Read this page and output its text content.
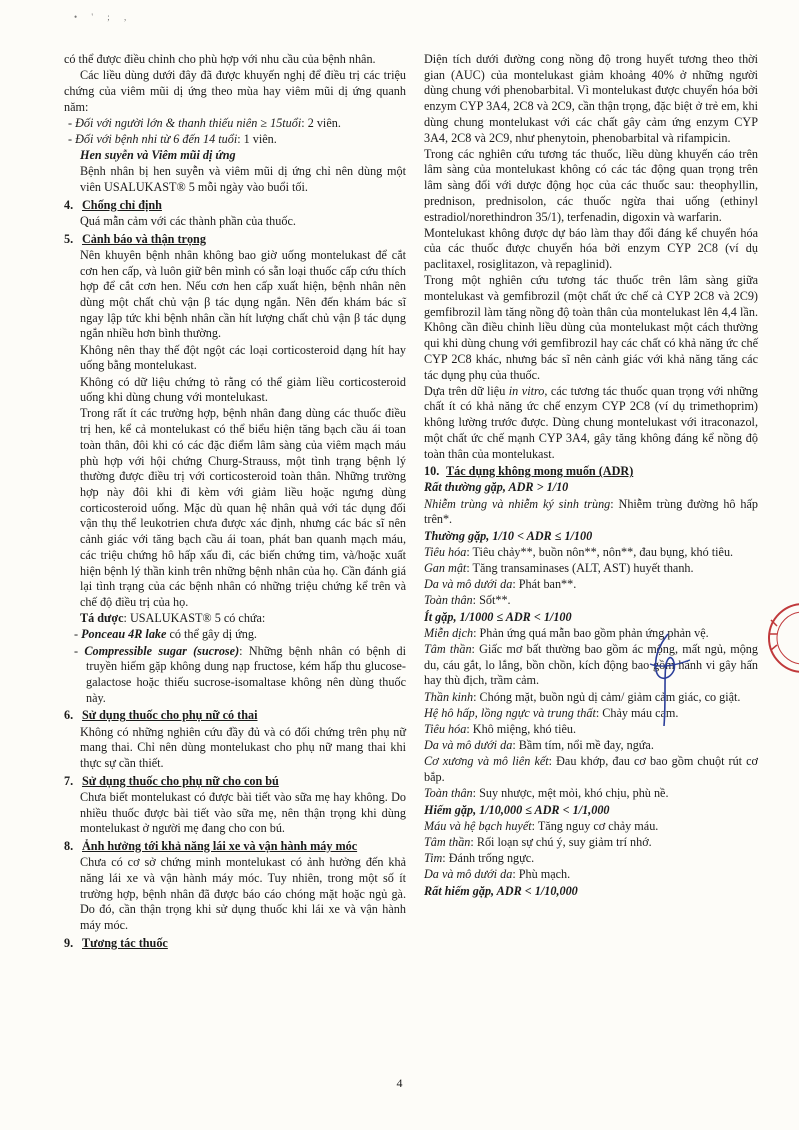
• ' ; ,

có thể được điều chỉnh cho phù hợp với nhu cầu của bệnh nhân.

Các liều dùng dưới đây đã được khuyến nghị để điều trị các triệu chứng của viêm mũi dị ứng theo mùa hay viêm mũi dị ứng quanh năm:

- Đối với người lớn & thanh thiếu niên ≥ 15tuổi: 2 viên.

- Đối với bệnh nhi từ 6 đến 14 tuổi: 1 viên.

Hen suyễn và Viêm mũi dị ứng

Bệnh nhân bị hen suyễn và viêm mũi dị ứng chỉ nên dùng một viên USALUKAST® 5 mỗi ngày vào buổi tối.

4. Chống chỉ định

Quá mẫn cảm với các thành phần của thuốc.

5. Cảnh báo và thận trọng

Nên khuyên bệnh nhân không bao giờ uống montelukast để cắt cơn hen cấp, và luôn giữ bên mình có sẵn loại thuốc cấp cứu thích hợp để cắt cơn hen. Nếu cơn hen cấp xuất hiện, bệnh nhân nên dùng một chất chủ vận β tác dụng ngắn. Nên đến khám bác sĩ ngay lập tức khi bệnh nhân cần hít lượng chất chủ vận β tác dụng ngắn nhiều hơn bình thường.

Không nên thay thế đột ngột các loại corticosteroid dạng hít hay uống bằng montelukast.

Không có dữ liệu chứng tỏ rằng có thể giảm liều corticosteroid uống khi dùng chung với montelukast.

Trong rất ít các trường hợp, bệnh nhân đang dùng các thuốc điều trị hen, kể cả montelukast có thể biểu hiện tăng bạch cầu ái toan toàn thân, đôi khi có các đặc điểm lâm sàng của viêm mạch máu phù hợp với hội chứng Churg-Strauss, một tình trạng bệnh lý thường được điều trị với corticosteroid toàn thân. Những trường hợp này đôi khi đi kèm với giảm liều hoặc ngưng dùng corticosteroid uống. Mặc dù quan hệ nhân quả với tác dụng đối vận thụ thể leukotrien chưa được xác định, nhưng các bác sĩ nên cảnh giác với tăng bạch cầu ái toan, phát ban quanh mạch máu, các triệu chứng hô hấp xấu đi, các biến chứng tim, và/hoặc xuất hiện bệnh lý thần kinh trên những bệnh nhân của họ. Cần đánh giá lại tình trạng của các bệnh nhân có những triệu chứng kể trên và chế độ điều trị của họ.

Tá dược: USALUKAST® 5 có chứa:

- Ponceau 4R lake có thể gây dị ứng.

- Compressible sugar (sucrose): Những bệnh nhân có bệnh di truyền hiếm gặp không dung nạp fructose, kém hấp thu glucose-galactose hoặc thiếu sucrose-isomaltase không nên dùng thuốc này.

6. Sử dụng thuốc cho phụ nữ có thai

Không có những nghiên cứu đầy đủ và có đối chứng trên phụ nữ mang thai. Chỉ nên dùng montelukast cho phụ nữ mang thai khi thực sự cần thiết.

7. Sử dụng thuốc cho phụ nữ cho con bú

Chưa biết montelukast có được bài tiết vào sữa mẹ hay không. Do nhiều thuốc được bài tiết vào sữa mẹ, nên thận trọng khi dùng montelukast ở người mẹ đang cho con bú.

8. Ảnh hưởng tới khả năng lái xe và vận hành máy móc

Chưa có cơ sở chứng minh montelukast có ảnh hưởng đến khả năng lái xe và vận hành máy móc. Tuy nhiên, trong một số ít trường hợp, bệnh nhân đã được báo cáo chóng mặt hoặc ngủ gà. Do đó, cần thận trọng khi sử dụng thuốc khi lái xe và vận hành máy móc.

9. Tương tác thuốc

Diện tích dưới đường cong nồng độ trong huyết tương theo thời gian (AUC) của montelukast giảm khoảng 40% ở những người dùng chung với phenobarbital. Vì montelukast được chuyển hóa bởi enzym CYP 3A4, 2C8 và 2C9, cần thận trọng, đặc biệt ở trẻ em, khi dùng chung montelukast với các chất gây cảm ứng enzym CYP 3A4, 2C8 và 2C9, như phenytoin, phenobarbital và rifampicin.

Trong các nghiên cứu tương tác thuốc, liều dùng khuyến cáo trên lâm sàng của montelukast không có các tác động quan trọng trên lâm sàng đối với dược động học của các thuốc sau: theophyllin, prednison, prednisolon, các thuốc ngừa thai uống (ethinyl estradiol/norethindron 35/1), terfenadin, digoxin và warfarin.

Montelukast không được dự báo làm thay đổi đáng kể chuyển hóa của các thuốc được chuyển hóa bởi enzym CYP 2C8 (ví dụ paclitaxel, rosiglitazon, và repaglinid).

Trong một nghiên cứu tương tác thuốc trên lâm sàng giữa montelukast và gemfibrozil (một chất ức chế cả CYP 2C8 và 2C9) gemfibrozil làm tăng nồng độ toàn thân của montelukast lên 4,4 lần. Không cần điều chỉnh liều dùng của montelukast một cách thường qui khi dùng chung với gemfibrozil hay các chất có khả năng ức chế CYP 2C8 khác, nhưng bác sĩ nên cảnh giác với khả năng tăng các tác dụng phụ của thuốc.

Dựa trên dữ liệu in vitro, các tương tác thuốc quan trọng với những chất ít có khả năng ức chế enzym CYP 2C8 (ví dụ trimethoprim) không lường trước được. Dùng chung montelukast với itraconazol, một chất ức chế mạnh CYP 3A4, gây tăng không đáng kể nồng độ toàn thân của montelukast.

10. Tác dụng không mong muốn (ADR)

Rất thường gặp, ADR > 1/10

Nhiễm trùng và nhiễm ký sinh trùng: Nhiễm trùng đường hô hấp trên*.

Thường gặp, 1/10 < ADR ≤ 1/100

Tiêu hóa: Tiêu chảy**, buồn nôn**, nôn**, đau bụng, khó tiêu.

Gan mật: Tăng transaminases (ALT, AST) huyết thanh.

Da và mô dưới da: Phát ban**.

Toàn thân: Sốt**.

Ít gặp, 1/1000 ≤ ADR < 1/100

Miễn dịch: Phản ứng quá mẫn bao gồm phản ứng phản vệ.

Tâm thần: Giấc mơ bất thường bao gồm ác mộng, mất ngủ, mộng du, cáu gắt, lo lắng, bồn chồn, kích động bao gồm hành vi gây hấn hay thù địch, trầm cảm.

Thần kinh: Chóng mặt, buồn ngủ dị cảm/ giảm cảm giác, co giật.

Hệ hô hấp, lồng ngực và trung thất: Chảy máu cam.

Tiêu hóa: Khô miệng, khó tiêu.

Da và mô dưới da: Bầm tím, nổi mề đay, ngứa.

Cơ xương và mô liên kết: Đau khớp, đau cơ bao gồm chuột rút cơ bắp.

Toàn thân: Suy nhược, mệt mỏi, khó chịu, phù nề.

Hiếm gặp, 1/10,000 ≤ ADR < 1/1,000

Máu và hệ bạch huyết: Tăng nguy cơ chảy máu.

Tâm thần: Rối loạn sự chú ý, suy giảm trí nhớ.

Tim: Đánh trống ngực.

Da và mô dưới da: Phù mạch.

Rất hiếm gặp, ADR < 1/10,000

4
